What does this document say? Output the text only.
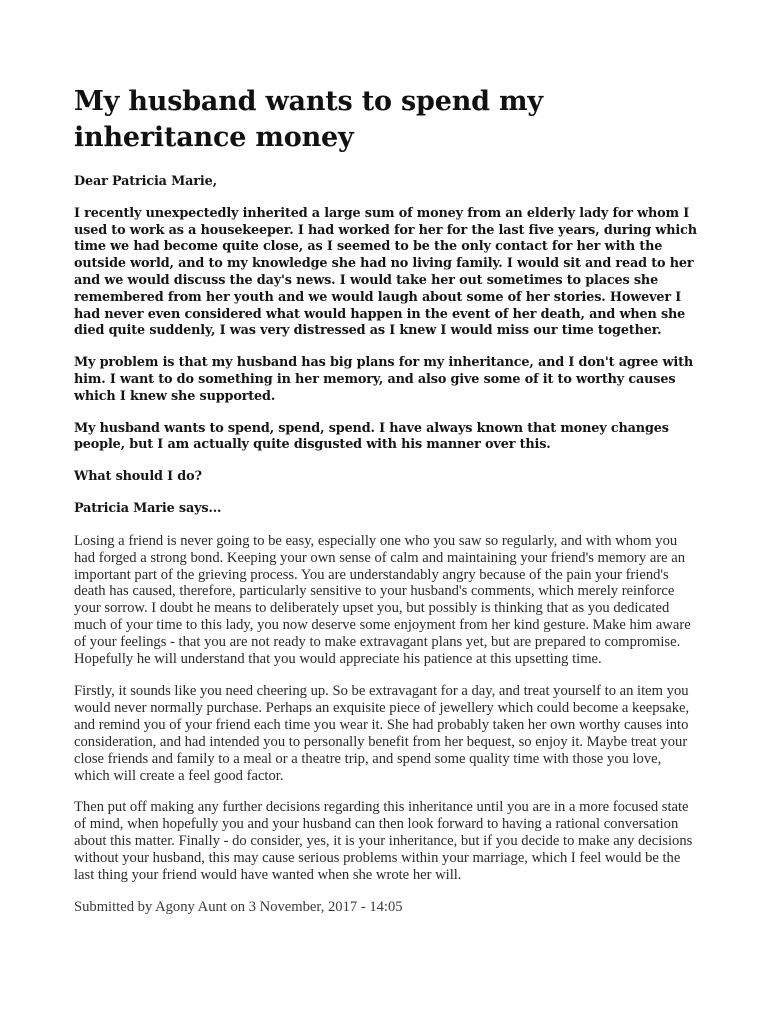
My husband wants to spend my inheritance money

Dear Patricia Marie,

I recently unexpectedly inherited a large sum of money from an elderly lady for whom I used to work as a housekeeper. I had worked for her for the last five years, during which time we had become quite close, as I seemed to be the only contact for her with the outside world, and to my knowledge she had no living family. I would sit and read to her and we would discuss the day's news. I would take her out sometimes to places she remembered from her youth and we would laugh about some of her stories. However I had never even considered what would happen in the event of her death, and when she died quite suddenly, I was very distressed as I knew I would miss our time together.

My problem is that my husband has big plans for my inheritance, and I don't agree with him. I want to do something in her memory, and also give some of it to worthy causes which I knew she supported.

My husband wants to spend, spend, spend. I have always known that money changes people, but I am actually quite disgusted with his manner over this.

What should I do?

Patricia Marie says...

Losing a friend is never going to be easy, especially one who you saw so regularly, and with whom you had forged a strong bond. Keeping your own sense of calm and maintaining your friend's memory are an important part of the grieving process. You are understandably angry because of the pain your friend's death has caused, therefore, particularly sensitive to your husband's comments, which merely reinforce your sorrow. I doubt he means to deliberately upset you, but possibly is thinking that as you dedicated much of your time to this lady, you now deserve some enjoyment from her kind gesture. Make him aware of your feelings - that you are not ready to make extravagant plans yet, but are prepared to compromise. Hopefully he will understand that you would appreciate his patience at this upsetting time.

Firstly, it sounds like you need cheering up. So be extravagant for a day, and treat yourself to an item you would never normally purchase. Perhaps an exquisite piece of jewellery which could become a keepsake, and remind you of your friend each time you wear it. She had probably taken her own worthy causes into consideration, and had intended you to personally benefit from her bequest, so enjoy it. Maybe treat your close friends and family to a meal or a theatre trip, and spend some quality time with those you love, which will create a feel good factor.

Then put off making any further decisions regarding this inheritance until you are in a more focused state of mind, when hopefully you and your husband can then look forward to having a rational conversation about this matter. Finally - do consider, yes, it is your inheritance, but if you decide to make any decisions without your husband, this may cause serious problems within your marriage, which I feel would be the last thing your friend would have wanted when she wrote her will.

Submitted by Agony Aunt on 3 November, 2017 - 14:05
